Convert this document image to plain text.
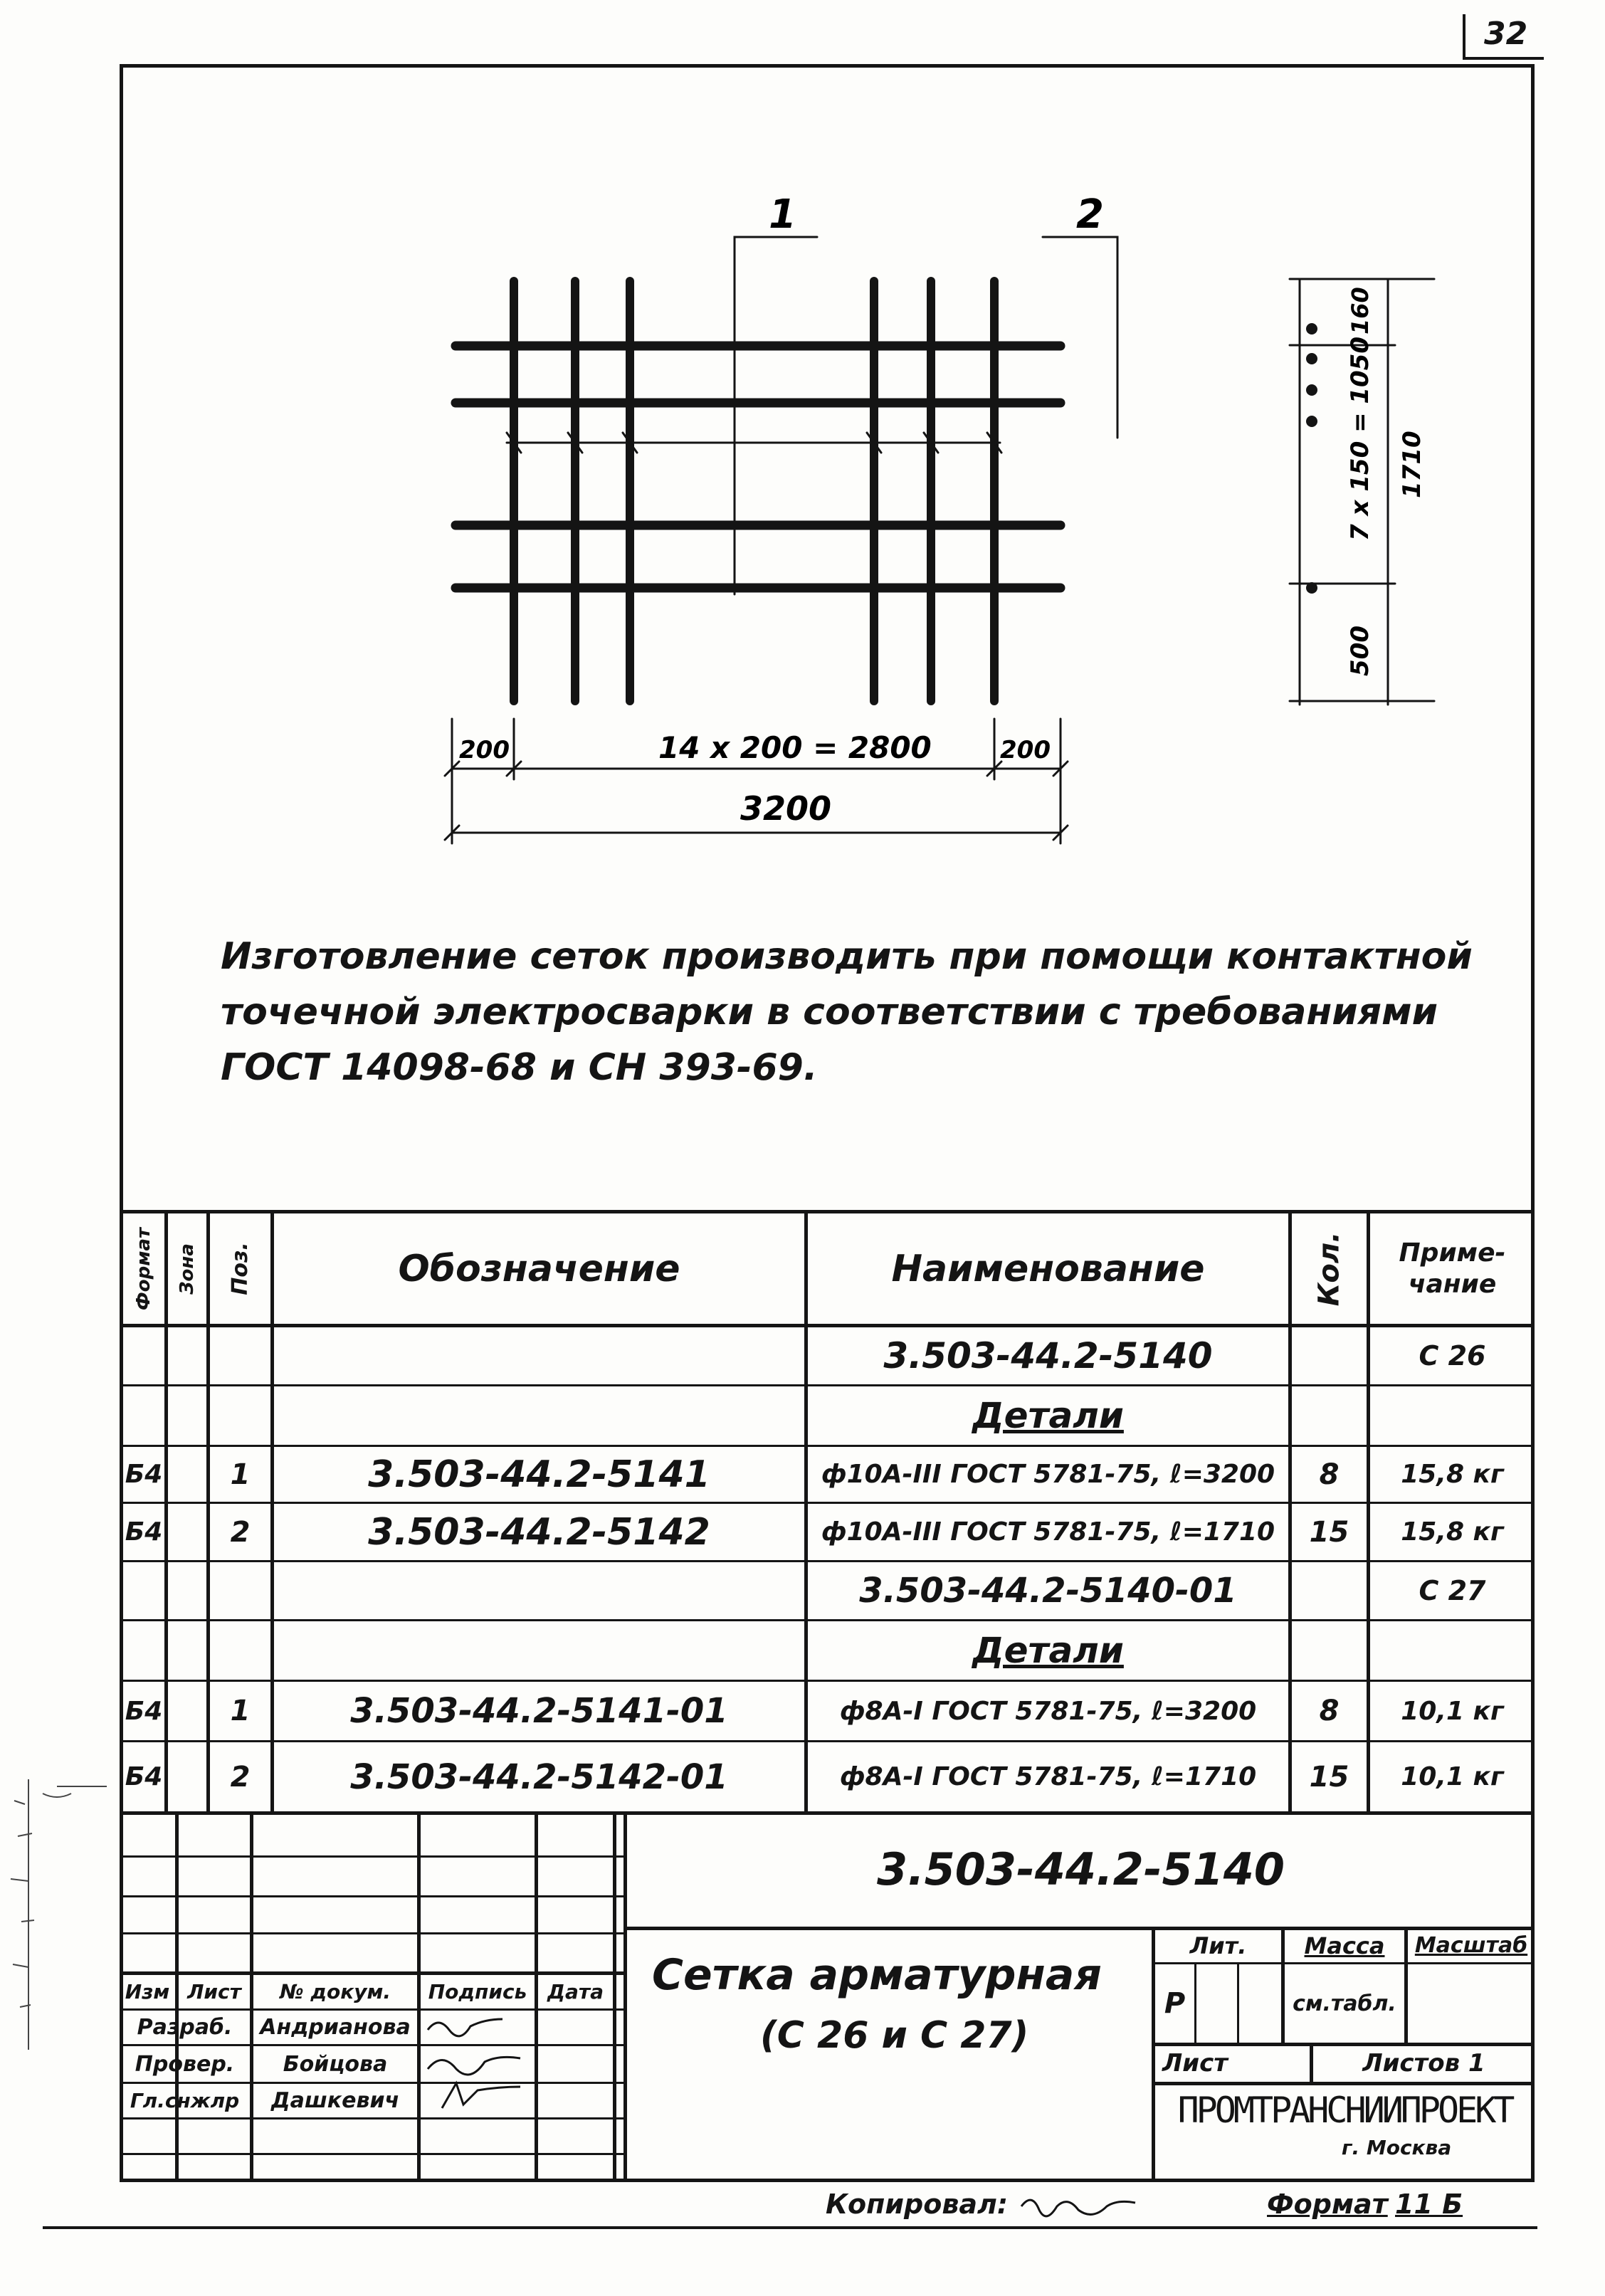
32
1	2
200	14 x 200 = 2800	200
3200
160
7 x 150 = 1050
500
1710
Изготовление сеток производить при помощи контактной
точечной электросварки в соответствии с требованиями
ГОСТ 14098-68 и СН 393-69.
Формат Зона Поз.	Обозначение	Наименование	Кол.	Приме-чание
3.503-44.2-5140	С 26
Детали
Б4	1	3.503-44.2-5141	ф10А-III ГОСТ 5781-75, ℓ=3200	8	15,8 кг
Б4	2	3.503-44.2-5142	ф10А-III ГОСТ 5781-75, ℓ=1710	15	15,8 кг
3.503-44.2-5140-01	С 27
Детали
Б4	1	3.503-44.2-5141-01	ф8А-I ГОСТ 5781-75, ℓ=3200	8	10,1 кг
Б4	2	3.503-44.2-5142-01	ф8А-I ГОСТ 5781-75, ℓ=1710	15	10,1 кг
3.503-44.2-5140
Изм Лист	№ докум.	Подпись	Дата
Разраб.	Андрианова
Провер.	Бойцова
Гл.снжлр	Дашкевич
Сетка арматурная
(С 26 и С 27)
Лит.	Масса	Масштаб
Р	см.табл.
Лист	Листов 1
ПРОМТРАНСНИИПРОЕКТ
г. Москва
Копировал:	Формат 11 Б
